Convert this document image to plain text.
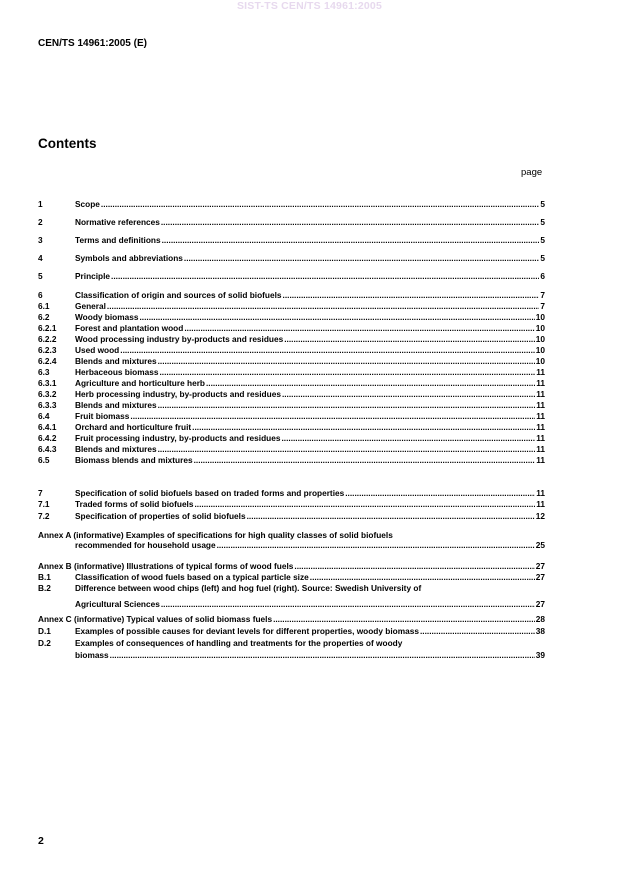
SIST-TS CEN/TS 14961:2005
CEN/TS 14961:2005 (E)
Contents
page
1	Scope .....	5
2	Normative references .....	5
3	Terms and definitions .....	5
4	Symbols and abbreviations .....	5
5	Principle .....	6
6	Classification of origin and sources of solid biofuels .....	7
6.1	General .....	7
6.2	Woody biomass .....	10
6.2.1	Forest and plantation wood .....	10
6.2.2	Wood processing industry by-products and residues .....	10
6.2.3	Used wood .....	10
6.2.4	Blends and mixtures .....	10
6.3	Herbaceous biomass .....	11
6.3.1	Agriculture and horticulture herb .....	11
6.3.2	Herb processing industry, by-products and residues .....	11
6.3.3	Blends and mixtures .....	11
6.4	Fruit biomass .....	11
6.4.1	Orchard and horticulture fruit .....	11
6.4.2	Fruit processing industry, by-products and residues .....	11
6.4.3	Blends and mixtures .....	11
6.5	Biomass blends and mixtures .....	11
7	Specification of solid biofuels based on traded forms and properties .....	11
7.1	Traded forms of solid biofuels .....	11
7.2	Specification of properties of solid biofuels .....	12
Annex A (informative) Examples of specifications for high quality classes of solid biofuels
recommended for household usage .....	25
Annex B (informative) Illustrations of typical forms of wood fuels .....	27
B.1	Classification of wood fuels based on a typical particle size .....	27
B.2	Difference between wood chips (left) and hog fuel (right). Source: Swedish University of
Agricultural Sciences .....	27
Annex C (informative) Typical values of solid biomass fuels .....	28
D.1	Examples of possible causes for deviant levels for different properties, woody biomass .....	38
D.2	Examples of consequences of handling and treatments for the properties of woody
biomass .....	39
2
